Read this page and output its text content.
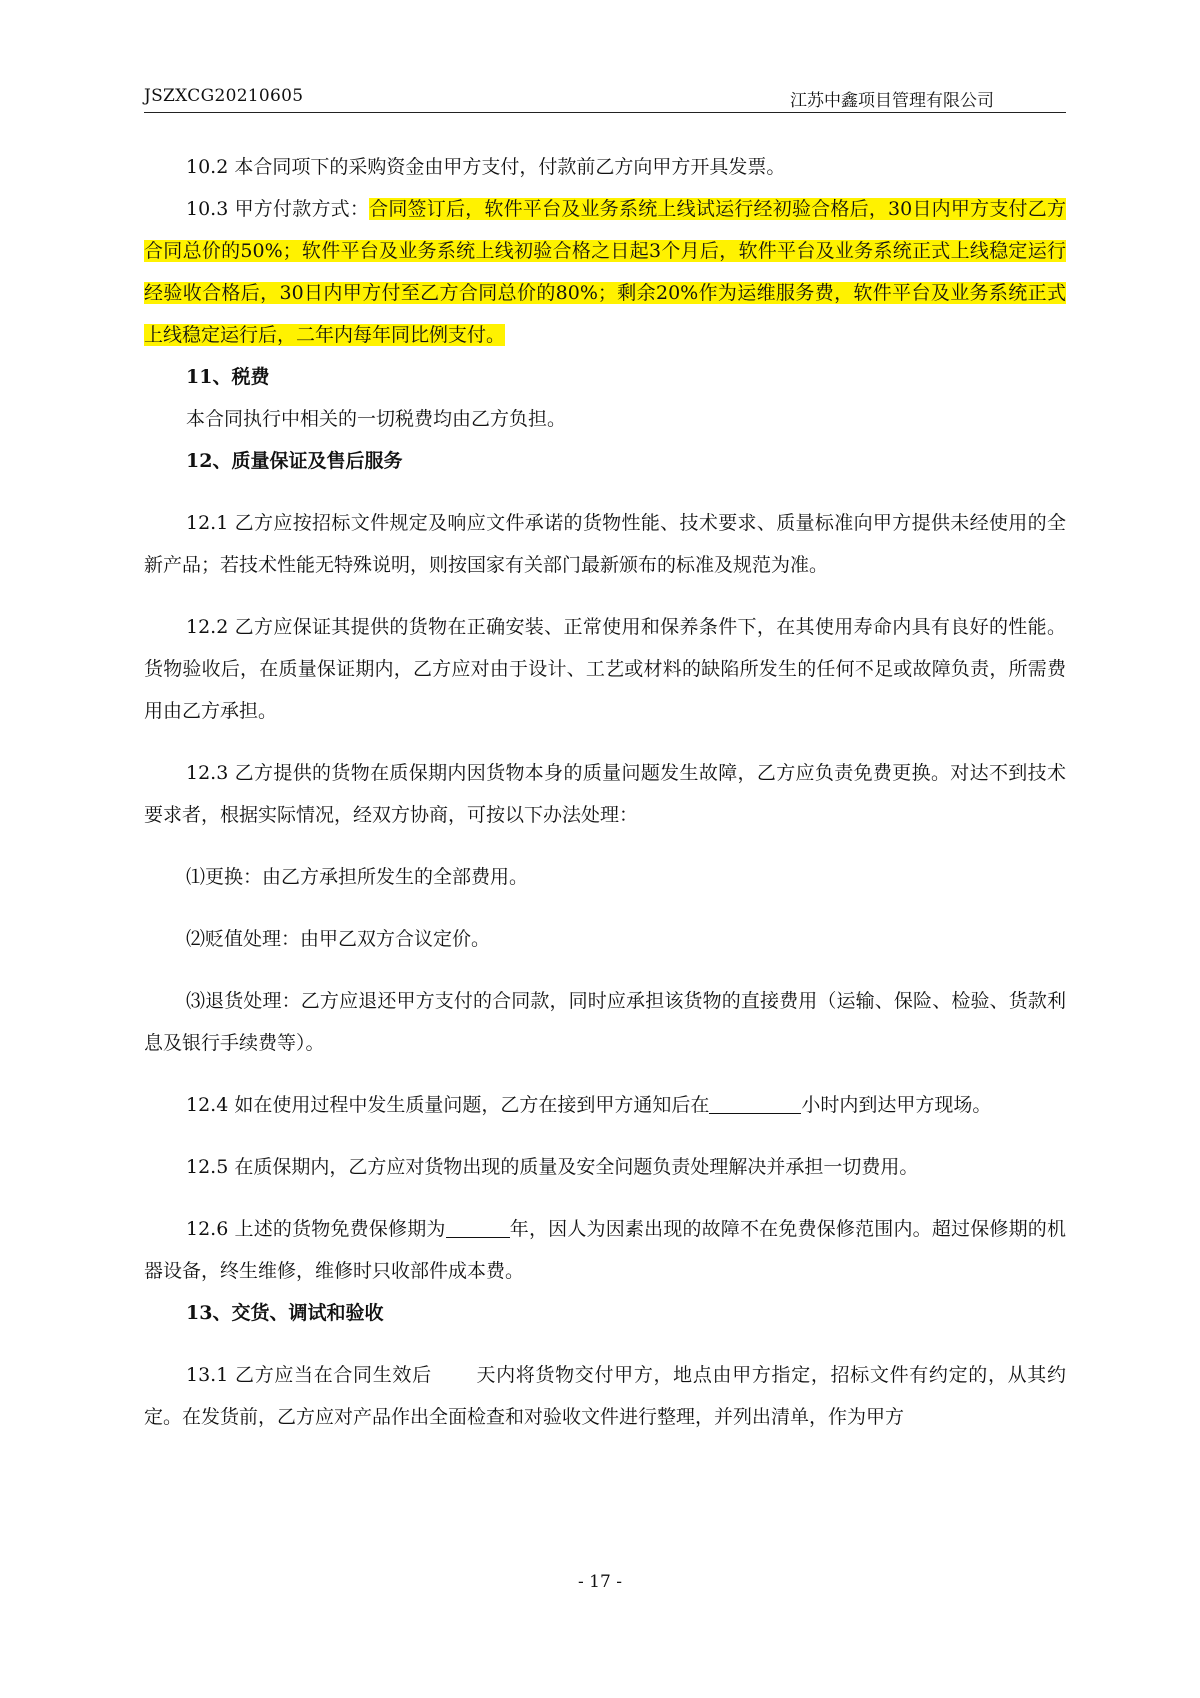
JSZXCG20210605	江苏中鑫项目管理有限公司

10.2 本合同项下的采购资金由甲方支付，付款前乙方向甲方开具发票。

10.3 甲方付款方式：合同签订后，软件平台及业务系统上线试运行经初验合格后，30日内甲方支付乙方合同总价的50%；软件平台及业务系统上线初验合格之日起3个月后，软件平台及业务系统正式上线稳定运行经验收合格后，30日内甲方付至乙方合同总价的80%；剩余20%作为运维服务费，软件平台及业务系统正式上线稳定运行后，二年内每年同比例支付。

11、税费

本合同执行中相关的一切税费均由乙方负担。

12、质量保证及售后服务

12.1 乙方应按招标文件规定及响应文件承诺的货物性能、技术要求、质量标准向甲方提供未经使用的全新产品；若技术性能无特殊说明，则按国家有关部门最新颁布的标准及规范为准。

12.2 乙方应保证其提供的货物在正确安装、正常使用和保养条件下，在其使用寿命内具有良好的性能。货物验收后，在质量保证期内，乙方应对由于设计、工艺或材料的缺陷所发生的任何不足或故障负责，所需费用由乙方承担。

12.3 乙方提供的货物在质保期内因货物本身的质量问题发生故障，乙方应负责免费更换。对达不到技术要求者，根据实际情况，经双方协商，可按以下办法处理：

⑴更换：由乙方承担所发生的全部费用。

⑵贬值处理：由甲乙双方合议定价。

⑶退货处理：乙方应退还甲方支付的合同款，同时应承担该货物的直接费用（运输、保险、检验、货款利息及银行手续费等）。

12.4 如在使用过程中发生质量问题，乙方在接到甲方通知后在	小时内到达甲方现场。

12.5 在质保期内，乙方应对货物出现的质量及安全问题负责处理解决并承担一切费用。

12.6 上述的货物免费保修期为	年，因人为因素出现的故障不在免费保修范围内。超过保修期的机器设备，终生维修，维修时只收部件成本费。

13、交货、调试和验收

13.1 乙方应当在合同生效后 天内将货物交付甲方，地点由甲方指定，招标文件有约定的，从其约定。在发货前，乙方应对产品作出全面检查和对验收文件进行整理，并列出清单，作为甲方

- 17 -
